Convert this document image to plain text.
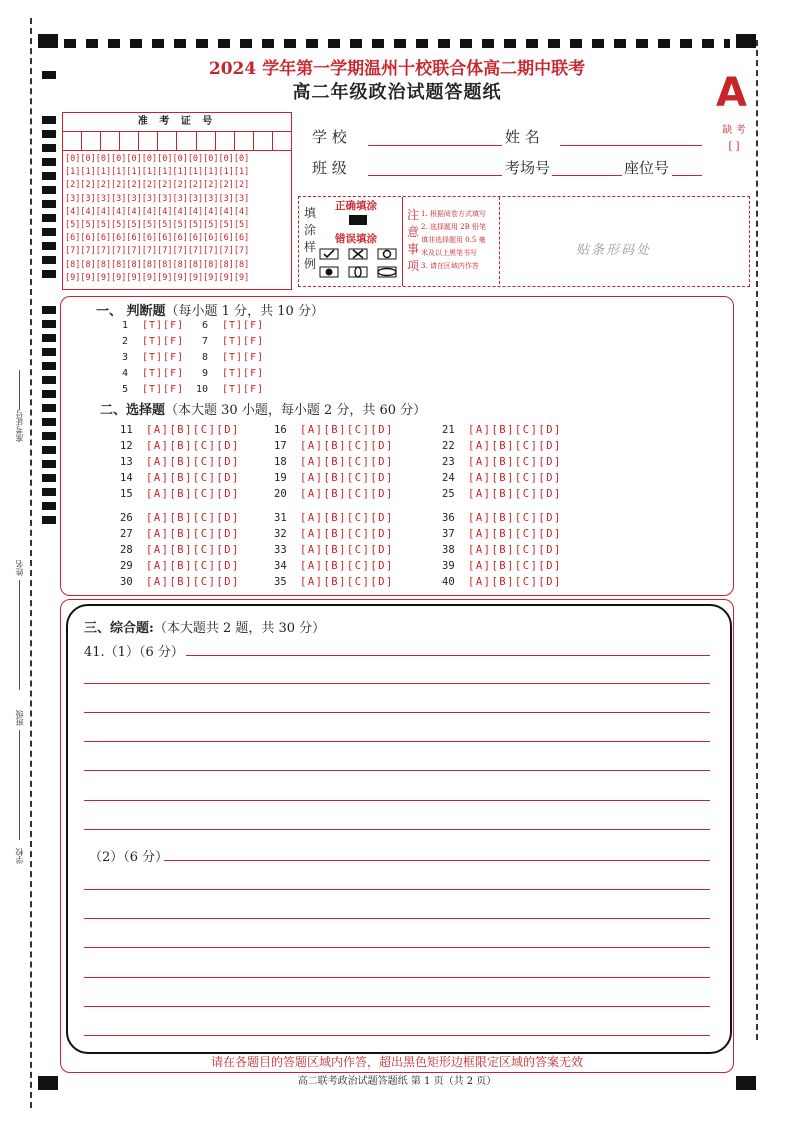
准考证号
姓名
班级
学校
2024 学年第一学期温州十校联合体高二期中联考
高二年级政治试题答题纸	A
缺 考
[ ]
准 考 证 号
[0][0][0][0][0][0][0][0][0][0][0][0]
[1][1][1][1][1][1][1][1][1][1][1][1]
[2][2][2][2][2][2][2][2][2][2][2][2]
[3][3][3][3][3][3][3][3][3][3][3][3]
[4][4][4][4][4][4][4][4][4][4][4][4]
[5][5][5][5][5][5][5][5][5][5][5][5]
[6][6][6][6][6][6][6][6][6][6][6][6]
[7][7][7][7][7][7][7][7][7][7][7][7]
[8][8][8][8][8][8][8][8][8][8][8][8]
[9][9][9][9][9][9][9][9][9][9][9][9]
学 校	姓 名
班 级	考场号	座位号
填涂样例
正确填涂
错误填涂
注意事项
1. 根据阅卷方式填写
2. 选择题用 2B 铅笔
填非选择题用 0.5 毫
米及以上黑笔书写
3. 请在区域内作答
贴条形码处
一、 判断题（每小题 1 分，共 10 分）
1 [T][F]
2 [T][F]
3 [T][F]
4 [T][F]
5 [T][F]
6 [T][F]
7 [T][F]
8 [T][F]
9 [T][F]
10 [T][F]
二、选择题（本大题 30 小题，每小题 2 分，共 60 分）
11 [A][B][C][D]
12 [A][B][C][D]
13 [A][B][C][D]
14 [A][B][C][D]
15 [A][B][C][D]
16 [A][B][C][D]
17 [A][B][C][D]
18 [A][B][C][D]
19 [A][B][C][D]
20 [A][B][C][D]
21 [A][B][C][D]
22 [A][B][C][D]
23 [A][B][C][D]
24 [A][B][C][D]
25 [A][B][C][D]
26 [A][B][C][D]
27 [A][B][C][D]
28 [A][B][C][D]
29 [A][B][C][D]
30 [A][B][C][D]
31 [A][B][C][D]
32 [A][B][C][D]
33 [A][B][C][D]
34 [A][B][C][D]
35 [A][B][C][D]
36 [A][B][C][D]
37 [A][B][C][D]
38 [A][B][C][D]
39 [A][B][C][D]
40 [A][B][C][D]
三、综合题:（本大题共 2 题，共 30 分）
41.（1）（6 分）
（2）（6 分）
请在各题目的答题区域内作答，超出黑色矩形边框限定区域的答案无效
高二联考政治试题答题纸 第 1 页（共 2 页）
